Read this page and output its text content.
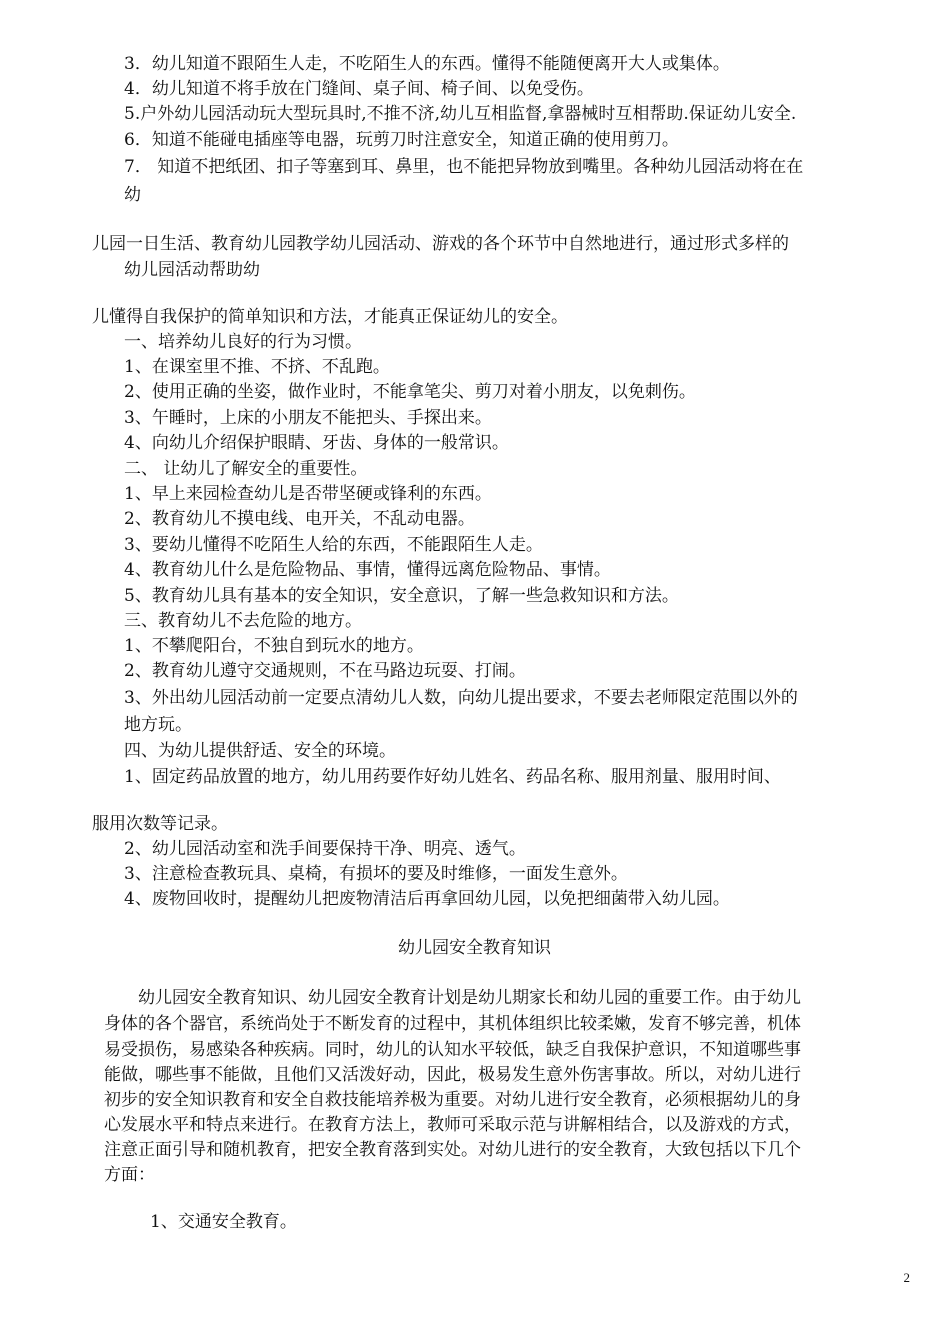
3．幼儿知道不跟陌生人走，不吃陌生人的东西。懂得不能随便离开大人或集体。
4．幼儿知道不将手放在门缝间、桌子间、椅子间、以免受伤。
5.户外幼儿园活动玩大型玩具时,不推不济,幼儿互相监督,拿器械时互相帮助.保证幼儿安全.
6．知道不能碰电插座等电器，玩剪刀时注意安全，知道正确的使用剪刀。
7． 知道不把纸团、扣子等塞到耳、鼻里，也不能把异物放到嘴里。各种幼儿园活动将在在
幼
儿园一日生活、教育幼儿园教学幼儿园活动、游戏的各个环节中自然地进行，通过形式多样的
幼儿园活动帮助幼
儿懂得自我保护的简单知识和方法，才能真正保证幼儿的安全。
一、培养幼儿良好的行为习惯。
1、在课室里不推、不挤、不乱跑。
2、使用正确的坐姿，做作业时，不能拿笔尖、剪刀对着小朋友，以免刺伤。
3、午睡时，上床的小朋友不能把头、手探出来。
4、向幼儿介绍保护眼睛、牙齿、身体的一般常识。
二、 让幼儿了解安全的重要性。
1、早上来园检查幼儿是否带坚硬或锋利的东西。
2、教育幼儿不摸电线、电开关，不乱动电器。
3、要幼儿懂得不吃陌生人给的东西，不能跟陌生人走。
4、教育幼儿什么是危险物品、事情，懂得远离危险物品、事情。
5、教育幼儿具有基本的安全知识，安全意识，了解一些急救知识和方法。
三、教育幼儿不去危险的地方。
1、不攀爬阳台，不独自到玩水的地方。
2、教育幼儿遵守交通规则，不在马路边玩耍、打闹。
3、外出幼儿园活动前一定要点清幼儿人数，向幼儿提出要求，不要去老师限定范围以外的
地方玩。
四、为幼儿提供舒适、安全的环境。
1、固定药品放置的地方，幼儿用药要作好幼儿姓名、药品名称、服用剂量、服用时间、
服用次数等记录。
2、幼儿园活动室和洗手间要保持干净、明亮、透气。
3、注意检查教玩具、桌椅，有损坏的要及时维修，一面发生意外。
4、废物回收时，提醒幼儿把废物清洁后再拿回幼儿园，以免把细菌带入幼儿园。
幼儿园安全教育知识
幼儿园安全教育知识、幼儿园安全教育计划是幼儿期家长和幼儿园的重要工作。由于幼儿
身体的各个器官，系统尚处于不断发育的过程中，其机体组织比较柔嫩，发育不够完善，机体
易受损伤，易感染各种疾病。同时，幼儿的认知水平较低，缺乏自我保护意识，不知道哪些事
能做，哪些事不能做，且他们又活泼好动，因此，极易发生意外伤害事故。所以，对幼儿进行
初步的安全知识教育和安全自救技能培养极为重要。对幼儿进行安全教育，必须根据幼儿的身
心发展水平和特点来进行。在教育方法上，教师可采取示范与讲解相结合，以及游戏的方式，
注意正面引导和随机教育，把安全教育落到实处。对幼儿进行的安全教育，大致包括以下几个
方面：
1、交通安全教育。
2
